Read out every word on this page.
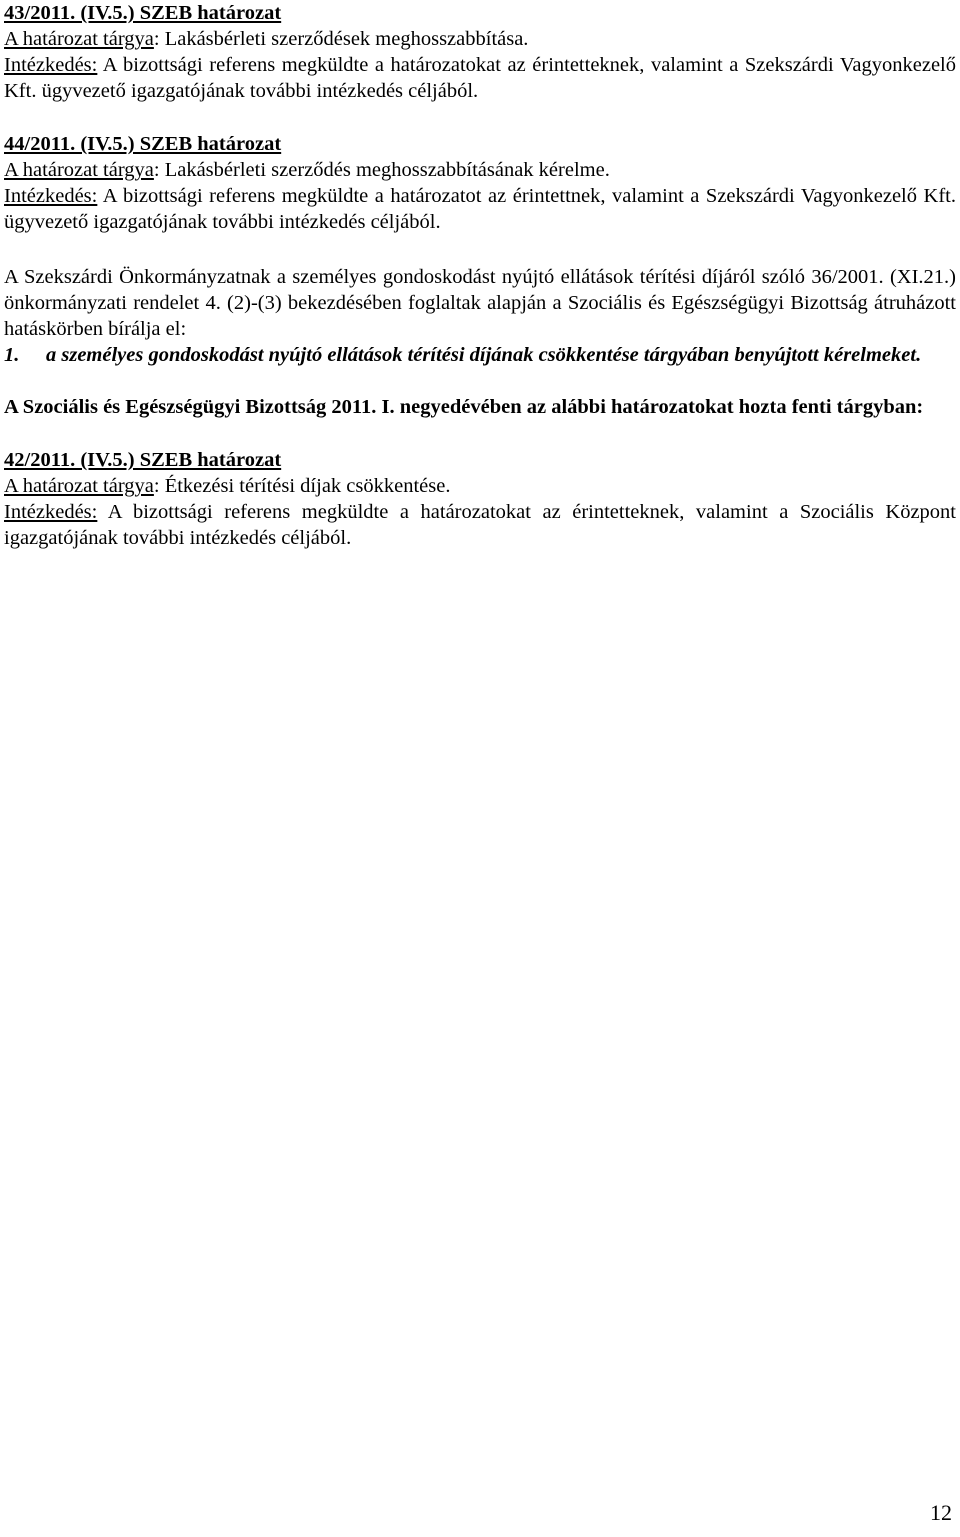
43/2011. (IV.5.) SZEB határozat
A határozat tárgya: Lakásbérleti szerződések meghosszabbítása.
Intézkedés: A bizottsági referens megküldte a határozatokat az érintetteknek, valamint a Szekszárdi Vagyonkezelő Kft. ügyvezető igazgatójának további intézkedés céljából.
44/2011. (IV.5.) SZEB határozat
A határozat tárgya: Lakásbérleti szerződés meghosszabbításának kérelme.
Intézkedés: A bizottsági referens megküldte a határozatot az érintettnek, valamint a Szekszárdi Vagyonkezelő Kft. ügyvezető igazgatójának további intézkedés céljából.
A Szekszárdi Önkormányzatnak a személyes gondoskodást nyújtó ellátások térítési díjáról szóló 36/2001. (XI.21.) önkormányzati rendelet 4. (2)-(3) bekezdésében foglaltak alapján a Szociális és Egészségügyi Bizottság átruházott hatáskörben bírálja el:
1.	a személyes gondoskodást nyújtó ellátások térítési díjának csökkentése tárgyában benyújtott kérelmeket.
A Szociális és Egészségügyi Bizottság 2011. I. negyedévében az alábbi határozatokat hozta fenti tárgyban:
42/2011. (IV.5.) SZEB határozat
A határozat tárgya: Étkezési térítési díjak csökkentése.
Intézkedés: A bizottsági referens megküldte a határozatokat az érintetteknek, valamint a Szociális Központ igazgatójának további intézkedés céljából.
12
